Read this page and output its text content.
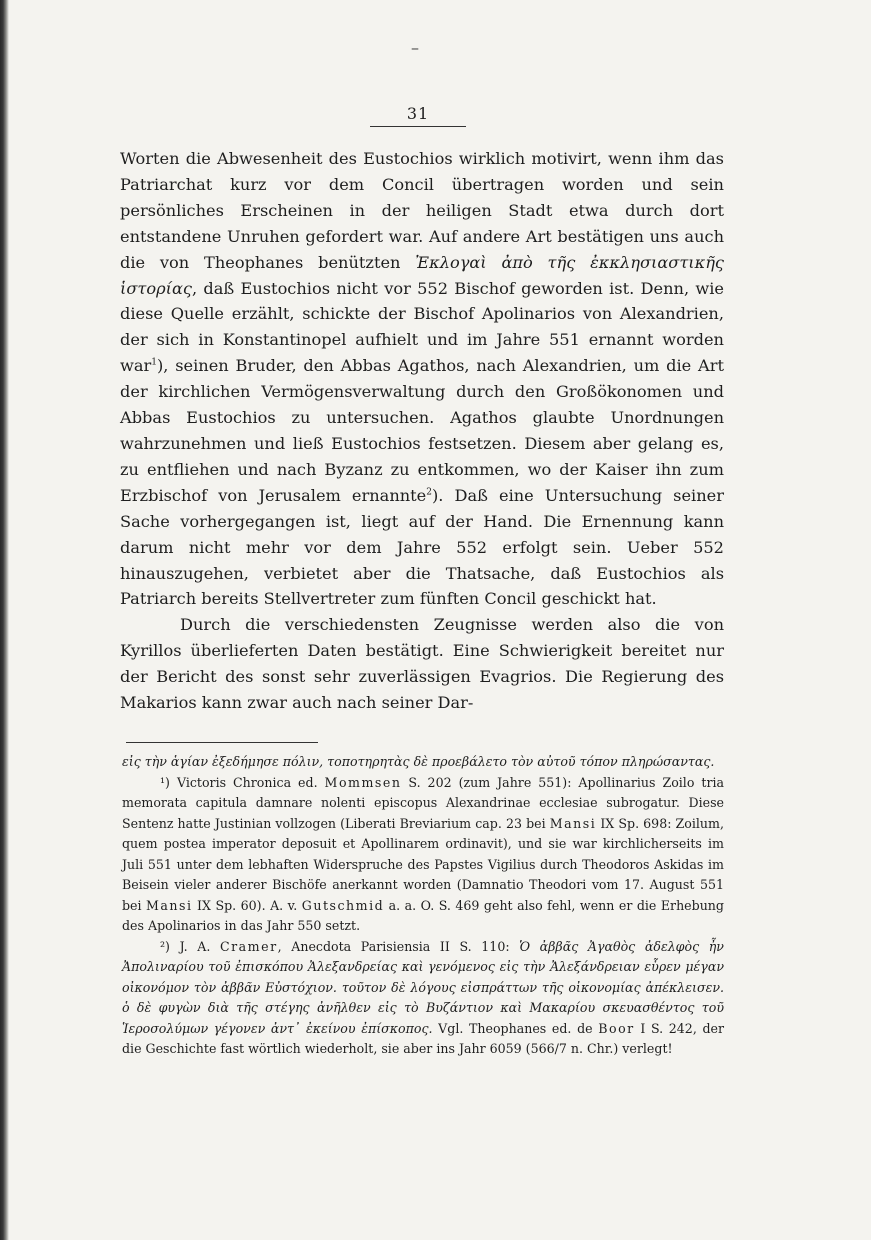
–
31

Worten die Abwesenheit des Eustochios wirklich motivirt, wenn ihm das Patriarchat kurz vor dem Concil übertragen worden und sein persönliches Erscheinen in der heiligen Stadt etwa durch dort entstandene Unruhen gefordert war. Auf andere Art bestätigen uns auch die von Theophanes benützten Ἐκλογαὶ ἀπὸ τῆς ἐκκλησιαστικῆς ἱστορίας, daß Eustochios nicht vor 552 Bischof geworden ist. Denn, wie diese Quelle erzählt, schickte der Bischof Apolinarios von Alexandrien, der sich in Konstantinopel aufhielt und im Jahre 551 ernannt worden war$^1$), seinen Bruder, den Abbas Agathos, nach Alexandrien, um die Art der kirchlichen Vermögensverwaltung durch den Großökonomen und Abbas Eustochios zu untersuchen. Agathos glaubte Unordnungen wahrzunehmen und ließ Eustochios festsetzen. Diesem aber gelang es, zu entfliehen und nach Byzanz zu entkommen, wo der Kaiser ihn zum Erzbischof von Jerusalem ernannte$^2$). Daß eine Untersuchung seiner Sache vorhergegangen ist, liegt auf der Hand. Die Ernennung kann darum nicht mehr vor dem Jahre 552 erfolgt sein. Ueber 552 hinauszugehen, verbietet aber die Thatsache, daß Eustochios als Patriarch bereits Stellvertreter zum fünften Concil geschickt hat.

Durch die verschiedensten Zeugnisse werden also die von Kyrillos überlieferten Daten bestätigt. Eine Schwierigkeit bereitet nur der Bericht des sonst sehr zuverlässigen Evagrios. Die Regierung des Makarios kann zwar auch nach seiner Dar-

εἰς τὴν ἁγίαν ἐξεδήμησε πόλιν, τοποτηρητὰς δὲ προεβάλετο τὸν αὐτοῦ τόπον πληρώσαντας.

¹) Victoris Chronica ed. Mommsen S. 202 (zum Jahre 551): Apollinarius Zoilo tria memorata capitula damnare nolenti episcopus Alexandrinae ecclesiae subrogatur. Diese Sentenz hatte Justinian vollzogen (Liberati Breviarium cap. 23 bei Mansi IX Sp. 698: Zoilum, quem postea imperator deposuit et Apollinarem ordinavit), und sie war kirchlicherseits im Juli 551 unter dem lebhaften Widerspruche des Papstes Vigilius durch Theodoros Askidas im Beisein vieler anderer Bischöfe anerkannt worden (Damnatio Theodori vom 17. August 551 bei Mansi IX Sp. 60). A. v. Gutschmid a. a. O. S. 469 geht also fehl, wenn er die Erhebung des Apolinarios in das Jahr 550 setzt.

²) J. A. Cramer, Anecdota Parisiensia II S. 110: Ὁ ἀββᾶς Ἀγαθὸς ἀδελφὸς ἦν Ἀπολιναρίου τοῦ ἐπισκόπου Ἀλεξανδρείας καὶ γενόμενος εἰς τὴν Ἀλεξάνδρειαν εὗρεν μέγαν οἰκονόμον τὸν ἀββᾶν Εὐστόχιον. τοῦτον δὲ λόγους εἰσπράττων τῆς οἰκονομίας ἀπέκλεισεν. ὁ δὲ φυγὼν διὰ τῆς στέγης ἀνῆλθεν εἰς τὸ Βυζάντιον καὶ Μακαρίου σκευασθέντος τοῦ Ἱεροσολύμων γέγονεν ἀντ᾽ ἐκείνου ἐπίσκοπος. Vgl. Theophanes ed. de Boor I S. 242, der die Geschichte fast wörtlich wiederholt, sie aber ins Jahr 6059 (566/7 n. Chr.) verlegt!
